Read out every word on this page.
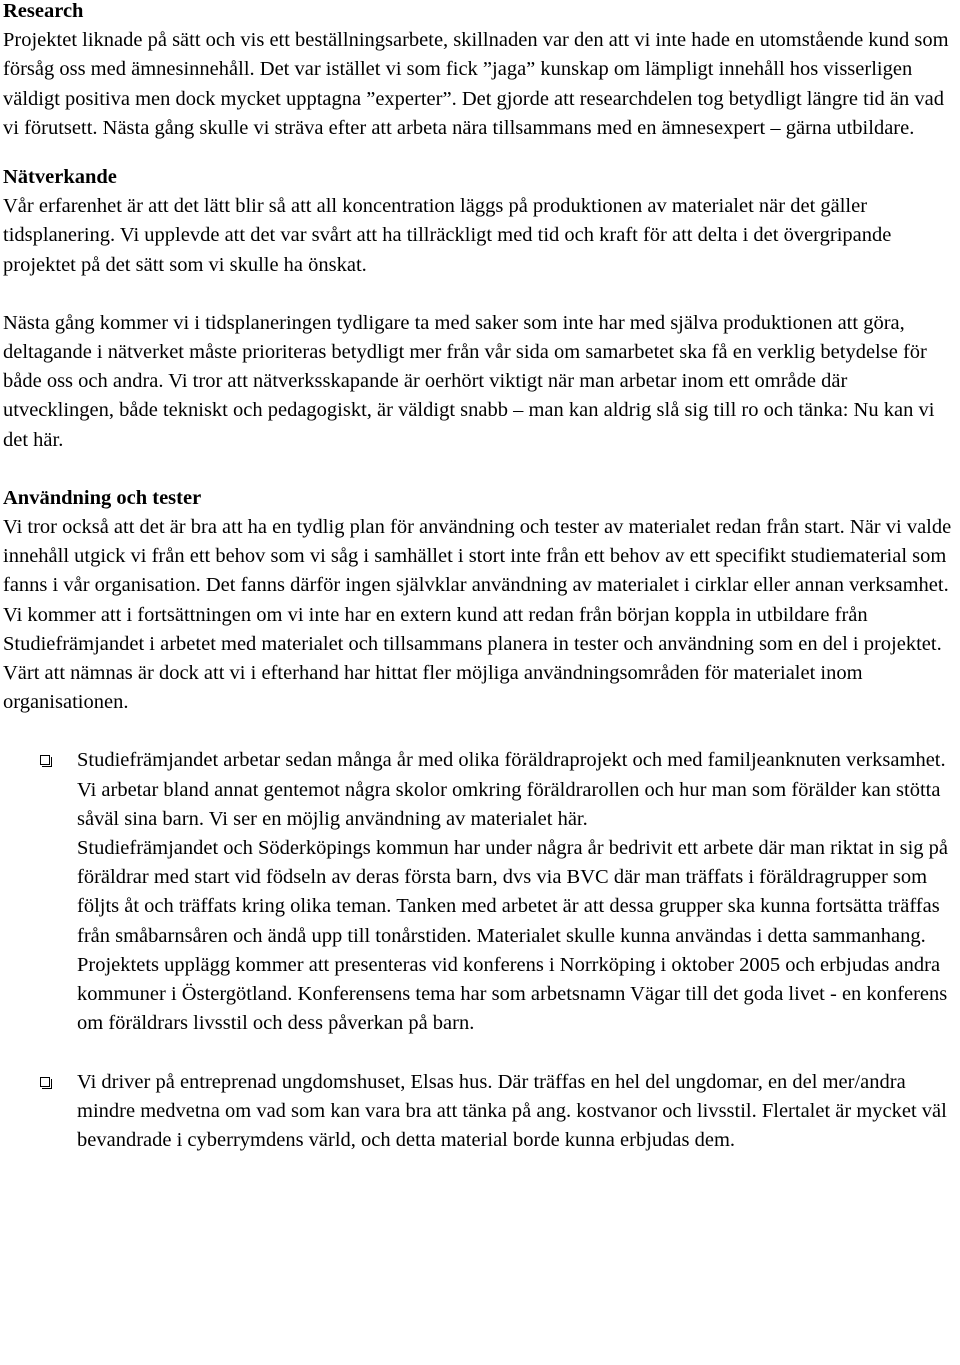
Research

Projektet liknade på sätt och vis ett beställningsarbete, skillnaden var den att vi inte hade en utomstående kund som försåg oss med ämnesinnehåll. Det var istället vi som fick ”jaga” kunskap om lämpligt innehåll hos visserligen väldigt positiva men dock mycket upptagna ”experter”. Det gjorde att researchdelen tog betydligt längre tid än vad vi förutsett. Nästa gång skulle vi sträva efter att arbeta nära tillsammans med en ämnesexpert – gärna utbildare.

Nätverkande

Vår erfarenhet är att det lätt blir så att all koncentration läggs på produktionen av materialet när det gäller tidsplanering. Vi upplevde att det var svårt att ha tillräckligt med tid och kraft för att delta i det övergripande projektet på det sätt som vi skulle ha önskat.

Nästa gång kommer vi i tidsplaneringen tydligare ta med saker som inte har med själva produktionen att göra, deltagande i nätverket måste prioriteras betydligt mer från vår sida om samarbetet ska få en verklig betydelse för både oss och andra. Vi tror att nätverksskapande är oerhört viktigt när man arbetar inom ett område där utvecklingen, både tekniskt och pedagogiskt, är väldigt snabb – man kan aldrig slå sig till ro och tänka: Nu kan vi det här.

Användning och tester

Vi tror också att det är bra att ha en tydlig plan för användning och tester av materialet redan från start. När vi valde innehåll utgick vi från ett behov som vi såg i samhället i stort inte från ett behov av ett specifikt studiematerial som fanns i vår organisation. Det fanns därför ingen självklar användning av materialet i cirklar eller annan verksamhet. Vi kommer att i fortsättningen om vi inte har en extern kund att redan från början koppla in utbildare från Studiefrämjandet i arbetet med materialet och tillsammans planera in tester och användning som en del i projektet.

Värt att nämnas är dock att vi i efterhand har hittat fler möjliga användningsområden för materialet inom organisationen.

Studiefrämjandet arbetar sedan många år med olika föräldraprojekt och med familjeanknuten verksamhet. Vi arbetar bland annat gentemot några skolor omkring föräldrarollen och hur man som förälder kan stötta såväl sina barn. Vi ser en möjlig användning av materialet här.

Studiefrämjandet och Söderköpings kommun har under några år bedrivit ett arbete där man riktat in sig på föräldrar med start vid födseln av deras första barn, dvs via BVC där man träffats i föräldragrupper som följts åt och träffats kring olika teman. Tanken med arbetet är att dessa grupper ska kunna fortsätta träffas från småbarnsåren och ändå upp till tonårstiden. Materialet skulle kunna användas i detta sammanhang. Projektets upplägg kommer att presenteras vid konferens i Norrköping i oktober 2005 och erbjudas andra kommuner i Östergötland. Konferensens tema har som arbetsnamn Vägar till det goda livet - en konferens om föräldrars livsstil och dess påverkan på barn.

Vi driver på entreprenad ungdomshuset, Elsas hus. Där träffas en hel del ungdomar, en del mer/andra mindre medvetna om vad som kan vara bra att tänka på ang. kostvanor och livsstil. Flertalet är mycket väl bevandrade i cyberrymdens värld, och detta material borde kunna erbjudas dem.
